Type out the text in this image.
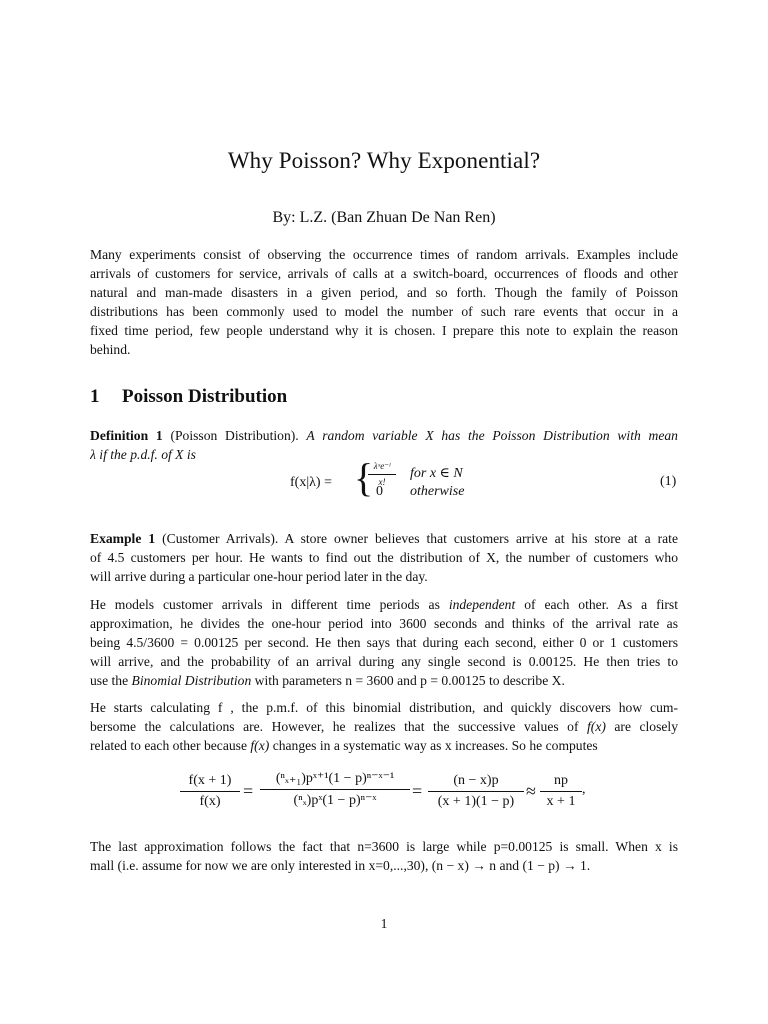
Why Poisson? Why Exponential?
By: L.Z. (Ban Zhuan De Nan Ren)
Many experiments consist of observing the occurrence times of random arrivals. Examples include
arrivals of customers for service, arrivals of calls at a switch-board, occurrences of floods and other
natural and man-made disasters in a given period, and so forth. Though the family of Poisson
distributions has been commonly used to model the number of such rare events that occur in a
fixed time period, few people understand why it is chosen. I prepare this note to explain the reason
behind.
1 Poisson Distribution
Definition 1 (Poisson Distribution). A random variable X has the Poisson Distribution with mean
λ if the p.d.f. of X is
f(x|λ) = { λˣe⁻ˡ
x!
for x ∈ N
0 otherwise
(1)
Example 1 (Customer Arrivals). A store owner believes that customers arrive at his store at a rate
of 4.5 customers per hour. He wants to find out the distribution of X, the number of customers who
will arrive during a particular one-hour period later in the day.
He models customer arrivals in different time periods as independent of each other. As a first
approximation, he divides the one-hour period into 3600 seconds and thinks of the arrival rate as
being 4.5/3600 = 0.00125 per second. He then says that during each second, either 0 or 1 customers
will arrive, and the probability of an arrival during any single second is 0.00125. He then tries to
use the Binomial Distribution with parameters n = 3600 and p = 0.00125 to describe X.
He starts calculating f , the p.m.f. of this binomial distribution, and quickly discovers how cum-
bersome the calculations are. However, he realizes that the successive values of f(x) are closely
related to each other because f(x) changes in a systematic way as x increases. So he computes
f(x + 1)
f(x)
=
(ⁿₓ₊₁)pˣ⁺¹(1 − p)ⁿ⁻ˣ⁻¹
(ⁿₓ)pˣ(1 − p)ⁿ⁻ˣ	=
(n − x)p
(x + 1)(1 − p)
≈
np
x + 1
,
The last approximation follows the fact that n=3600 is large while p=0.00125 is small. When x is
mall (i.e. assume for now we are only interested in x=0,...,30), (n − x) → n and (1 − p) → 1.
1
